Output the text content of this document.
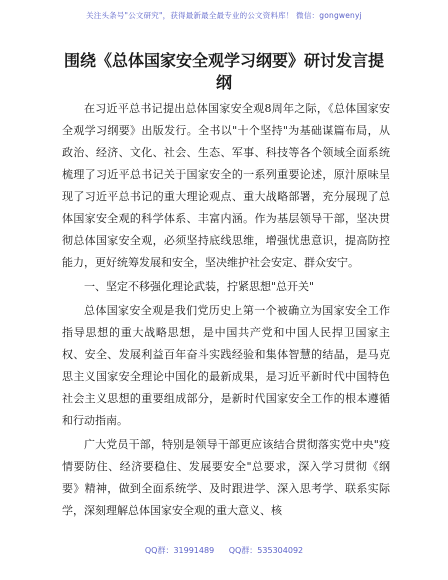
关注头条号"公文研究"，获得最新最全最专业的公文资料库！ 微信：gongwenyj
围绕《总体国家安全观学习纲要》研讨发言提纲

在习近平总书记提出总体国家安全观8周年之际，《总体国家安全观学习纲要》出版发行。全书以"十个坚持"为基础谋篇布局，从政治、经济、文化、社会、生态、军事、科技等各个领域全面系统梳理了习近平总书记关于国家安全的一系列重要论述，原汁原味呈现了习近平总书记的重大理论观点、重大战略部署，充分展现了总体国家安全观的科学体系、丰富内涵。作为基层领导干部，坚决贯彻总体国家安全观，必须坚持底线思维，增强忧患意识，提高防控能力，更好统筹发展和安全，坚决维护社会安定、群众安宁。

一、坚定不移强化理论武装，拧紧思想"总开关"

总体国家安全观是我们党历史上第一个被确立为国家安全工作指导思想的重大战略思想，是中国共产党和中国人民捍卫国家主权、安全、发展利益百年奋斗实践经验和集体智慧的结晶，是马克思主义国家安全理论中国化的最新成果，是习近平新时代中国特色社会主义思想的重要组成部分，是新时代国家安全工作的根本遵循和行动指南。

广大党员干部，特别是领导干部更应该结合贯彻落实党中央"疫情要防住、经济要稳住、发展要安全"总要求，深入学习贯彻《纲要》精神，做到全面系统学、及时跟进学、深入思考学、联系实际学，深刻理解总体国家安全观的重大意义、核

QQ群：31991489 QQ群：535304092
